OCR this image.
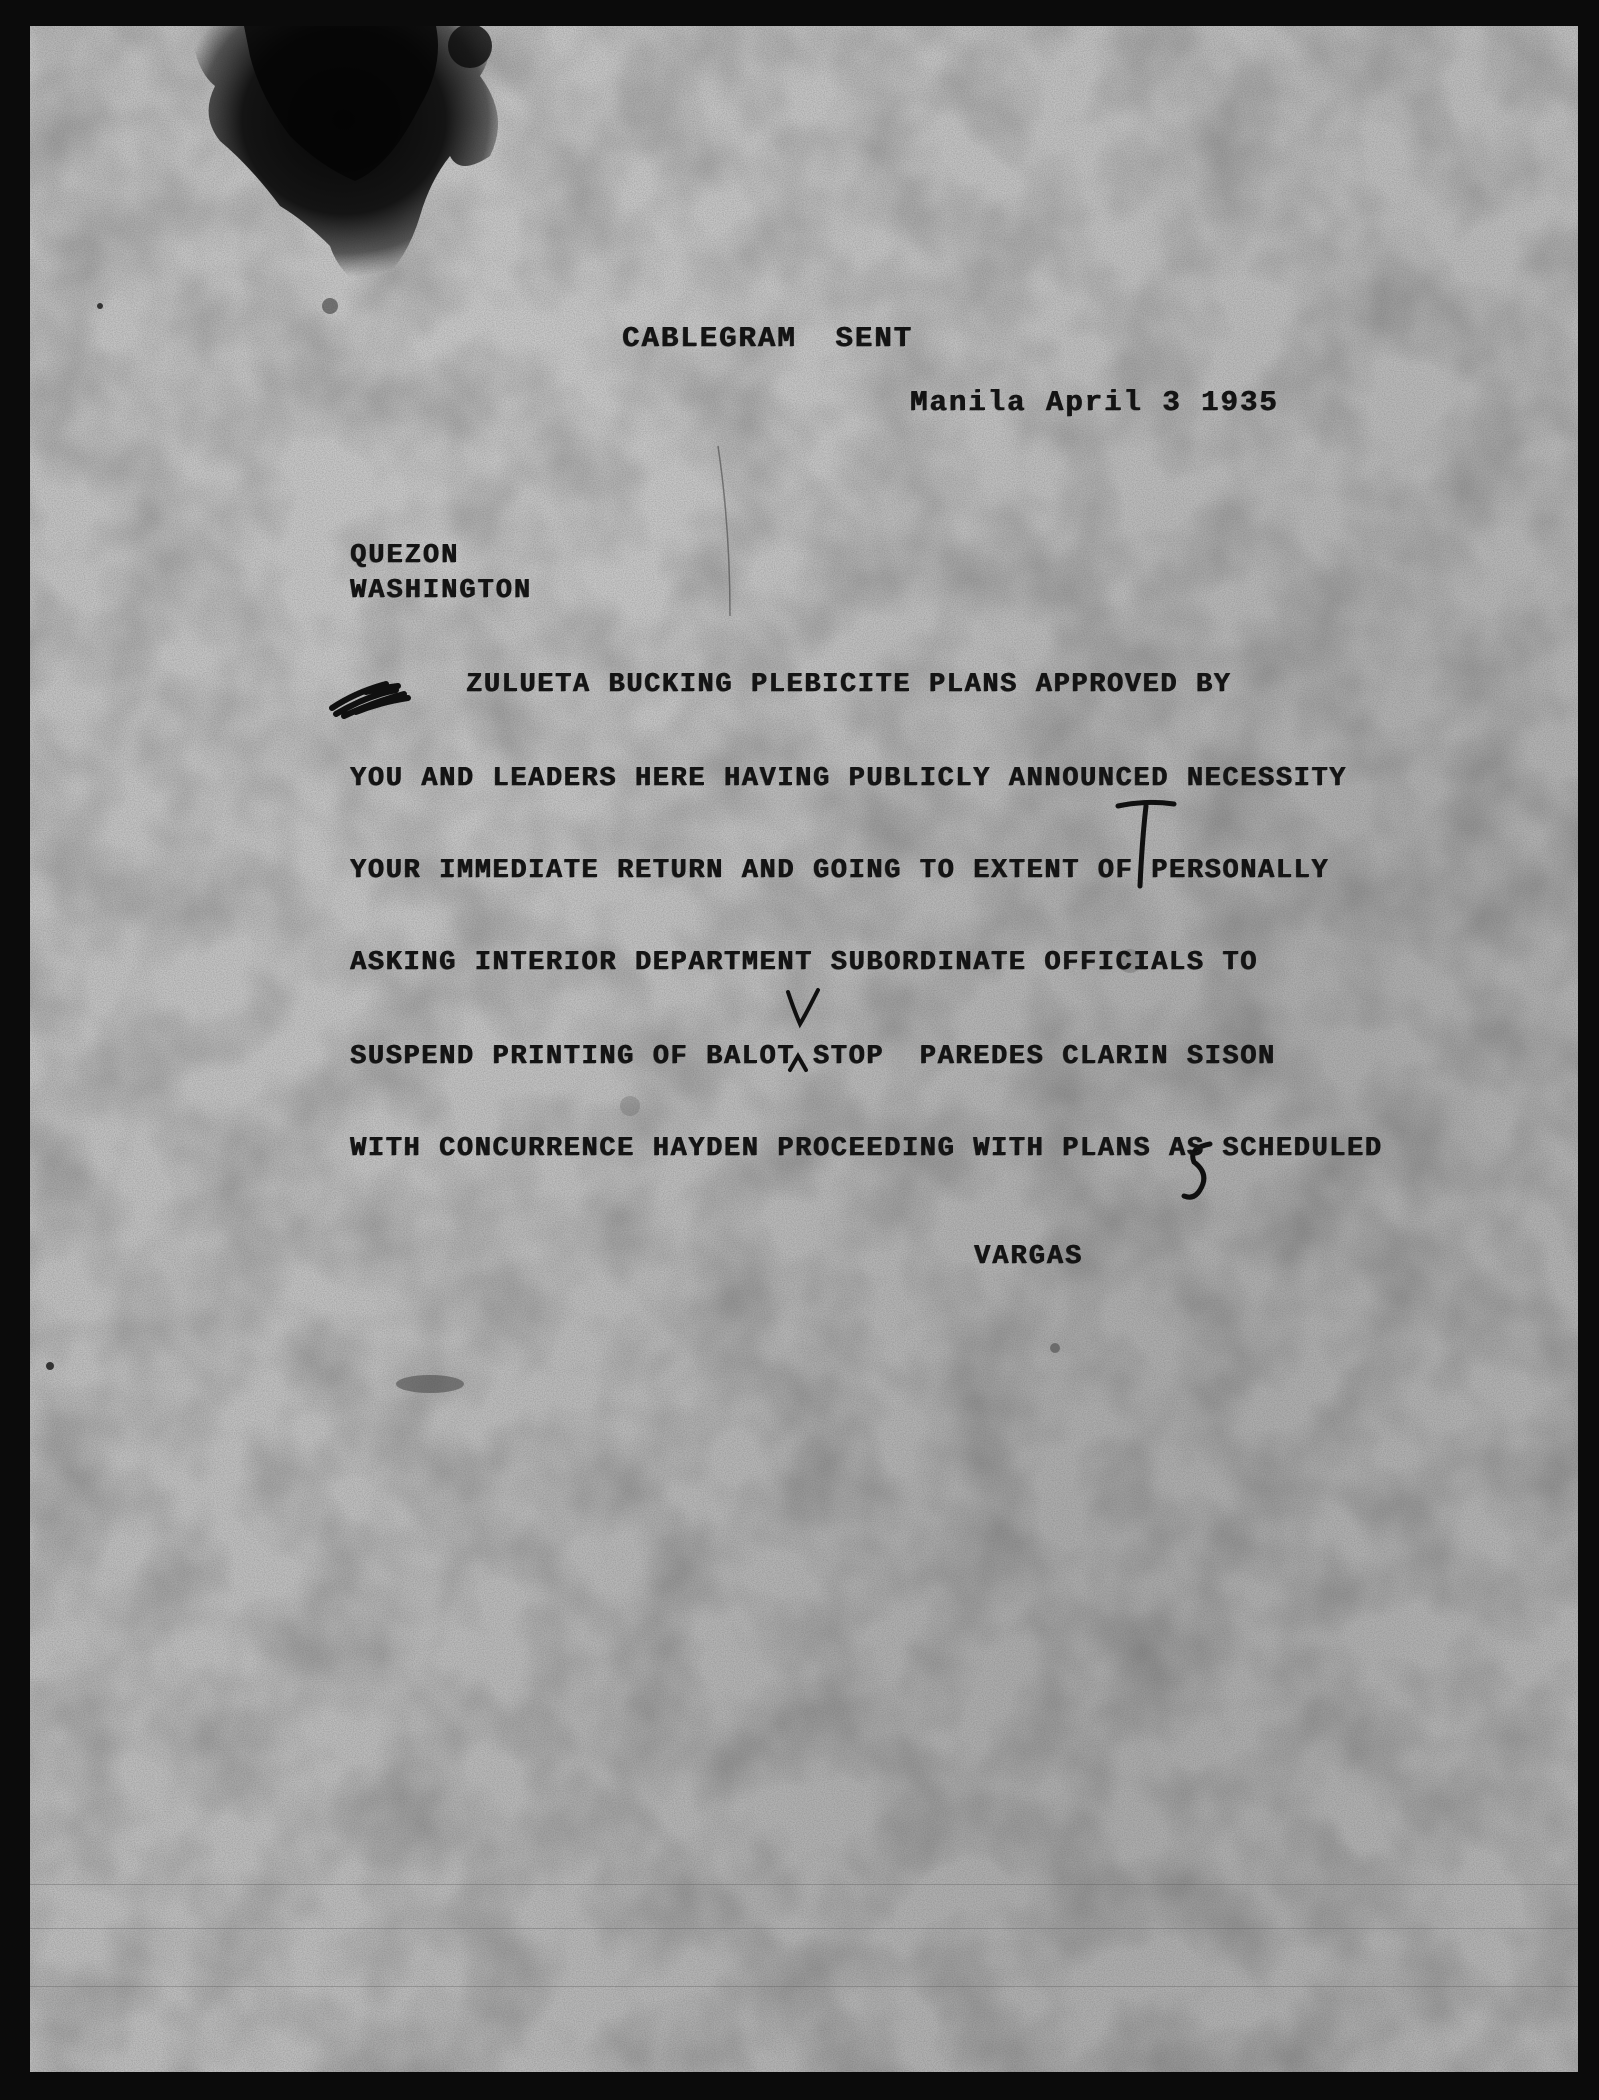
CABLEGRAM  SENT
Manila April 3 1935
QUEZON
WASHINGTON
ZULUETA BUCKING PLEBICITE PLANS APPROVED BY
YOU AND LEADERS HERE HAVING PUBLICLY ANNOUNCED NECESSITY
YOUR IMMEDIATE RETURN AND GOING TO EXTENT OF PERSONALLY
ASKING INTERIOR DEPARTMENT SUBORDINATE OFFICIALS TO
SUSPEND PRINTING OF BALOT STOP  PAREDES CLARIN SISON
WITH CONCURRENCE HAYDEN PROCEEDING WITH PLANS AS SCHEDULED
VARGAS
